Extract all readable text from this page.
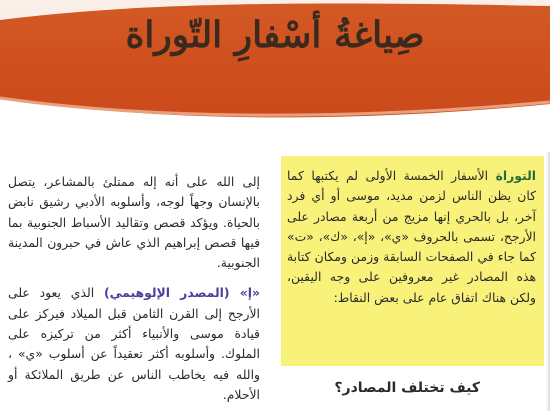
صِياغةُ أسْفارِ التّوراة

التوراة الأسفار الخمسة الأولى لم يكتبها كما كان يظن الناس لزمن مديد، موسى أو أي فرد آخر، بل بالحري إنها مزيج من أربعة مصادر على الأرجح، تسمى بالحروف «ي»، «إ»، «ك»، «ت» كما جاء في الصفحات السابقة وزمن ومكان كتابة هذه المصادر غير معروفين على وجه اليقين، ولكن هناك اتفاق عام على بعض النقاط:

إلى الله على أنه إله ممتلئ بالمشاعر، يتصل بالإنسان وجهاً لوجه، وأسلوبه الأدبي رشيق نابض بالحياة. ويؤكد قصص وتقاليد الأسباط الجنوبية بما فيها قصص إبراهيم الذي عاش في حبرون المدينة الجنوبية.

«إ» (المصدر الإلوهيمي) الذي يعود على الأرجح إلى القرن الثامن قبل الميلاد فيركز على قيادة موسى والأنبياء أكثر من تركيزه على الملوك. وأسلوبه أكثر تعقيداً عن أسلوب «ي» ، والله فيه يخاطب الناس عن طريق الملائكة أو الأحلام.	كيف تختلف المصادر؟
